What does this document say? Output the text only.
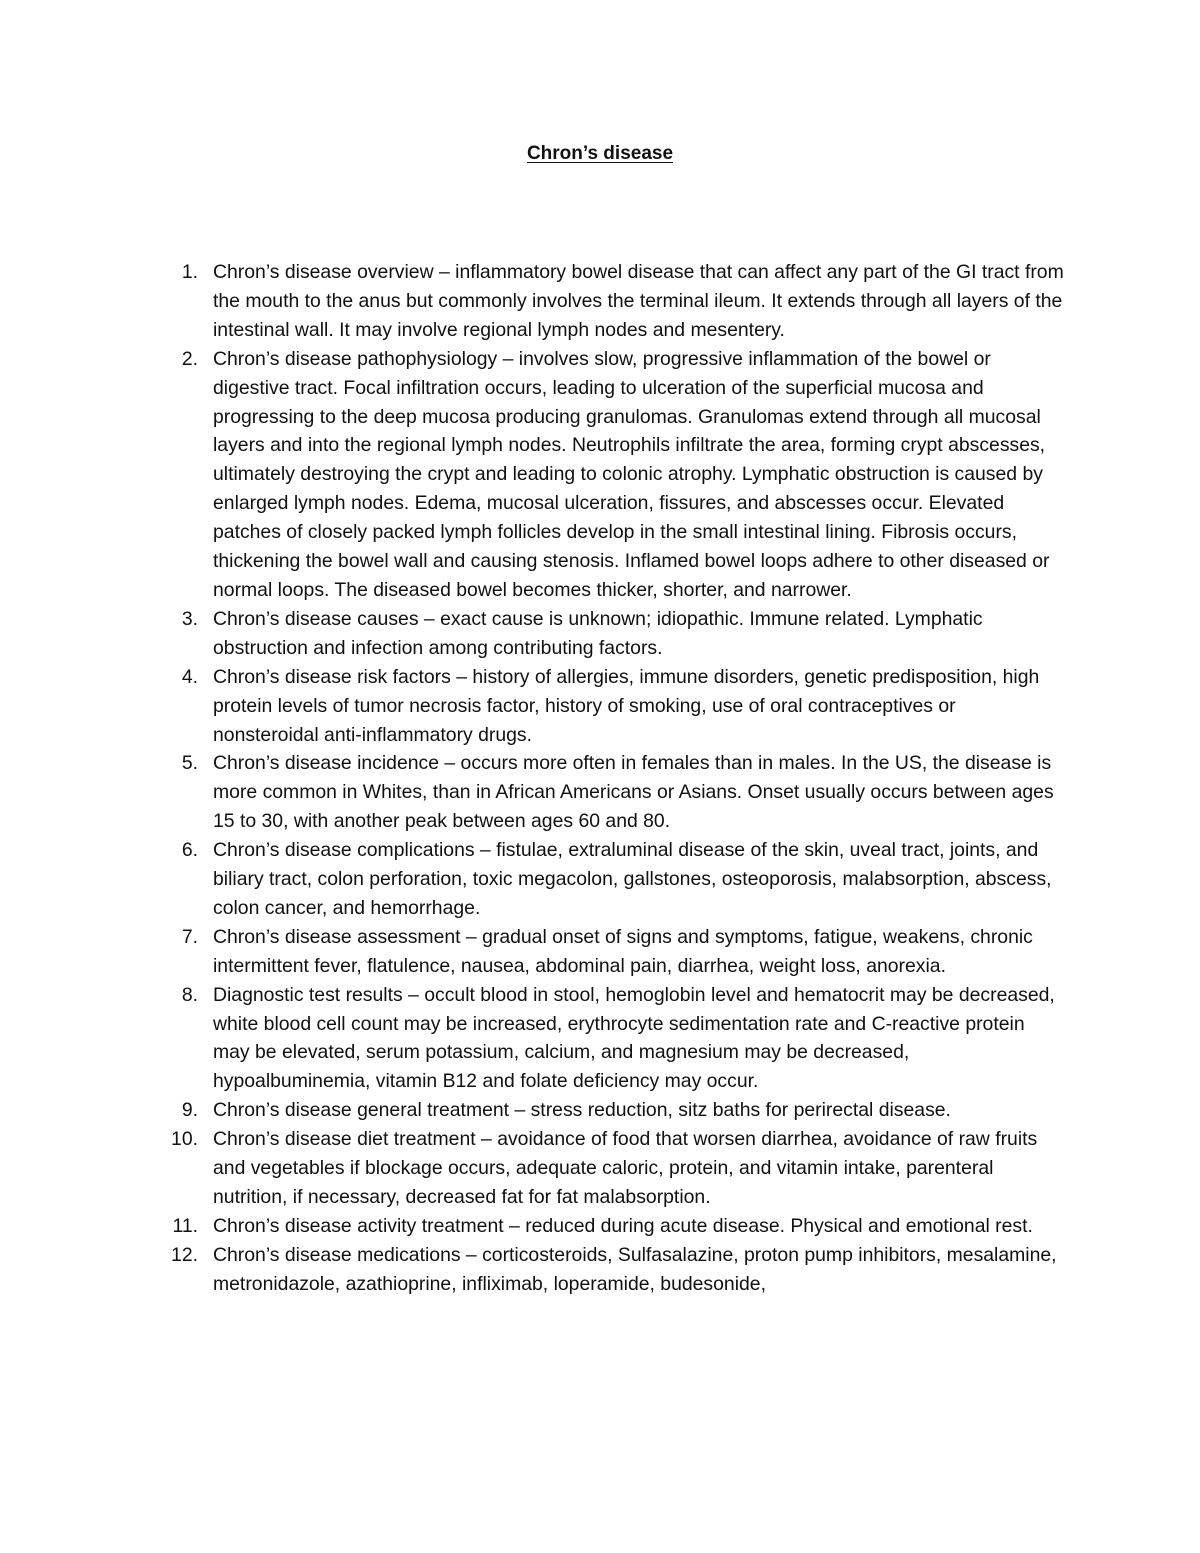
Chron’s disease
1. Chron’s disease overview – inflammatory bowel disease that can affect any part of the GI tract from the mouth to the anus but commonly involves the terminal ileum. It extends through all layers of the intestinal wall. It may involve regional lymph nodes and mesentery.
2. Chron’s disease pathophysiology – involves slow, progressive inflammation of the bowel or digestive tract. Focal infiltration occurs, leading to ulceration of the superficial mucosa and progressing to the deep mucosa producing granulomas. Granulomas extend through all mucosal layers and into the regional lymph nodes. Neutrophils infiltrate the area, forming crypt abscesses, ultimately destroying the crypt and leading to colonic atrophy. Lymphatic obstruction is caused by enlarged lymph nodes. Edema, mucosal ulceration, fissures, and abscesses occur. Elevated patches of closely packed lymph follicles develop in the small intestinal lining. Fibrosis occurs, thickening the bowel wall and causing stenosis. Inflamed bowel loops adhere to other diseased or normal loops. The diseased bowel becomes thicker, shorter, and narrower.
3. Chron’s disease causes – exact cause is unknown; idiopathic. Immune related. Lymphatic obstruction and infection among contributing factors.
4. Chron’s disease risk factors – history of allergies, immune disorders, genetic predisposition, high protein levels of tumor necrosis factor, history of smoking, use of oral contraceptives or nonsteroidal anti-inflammatory drugs.
5. Chron’s disease incidence – occurs more often in females than in males. In the US, the disease is more common in Whites, than in African Americans or Asians. Onset usually occurs between ages 15 to 30, with another peak between ages 60 and 80.
6. Chron’s disease complications – fistulae, extraluminal disease of the skin, uveal tract, joints, and biliary tract, colon perforation, toxic megacolon, gallstones, osteoporosis, malabsorption, abscess, colon cancer, and hemorrhage.
7. Chron’s disease assessment – gradual onset of signs and symptoms, fatigue, weakens, chronic intermittent fever, flatulence, nausea, abdominal pain, diarrhea, weight loss, anorexia.
8. Diagnostic test results – occult blood in stool, hemoglobin level and hematocrit may be decreased, white blood cell count may be increased, erythrocyte sedimentation rate and C-reactive protein may be elevated, serum potassium, calcium, and magnesium may be decreased, hypoalbuminemia, vitamin B12 and folate deficiency may occur.
9. Chron’s disease general treatment – stress reduction, sitz baths for perirectal disease.
10. Chron’s disease diet treatment – avoidance of food that worsen diarrhea, avoidance of raw fruits and vegetables if blockage occurs, adequate caloric, protein, and vitamin intake, parenteral nutrition, if necessary, decreased fat for fat malabsorption.
11. Chron’s disease activity treatment – reduced during acute disease. Physical and emotional rest.
12. Chron’s disease medications – corticosteroids, Sulfasalazine, proton pump inhibitors, mesalamine, metronidazole, azathioprine, infliximab, loperamide, budesonide,
